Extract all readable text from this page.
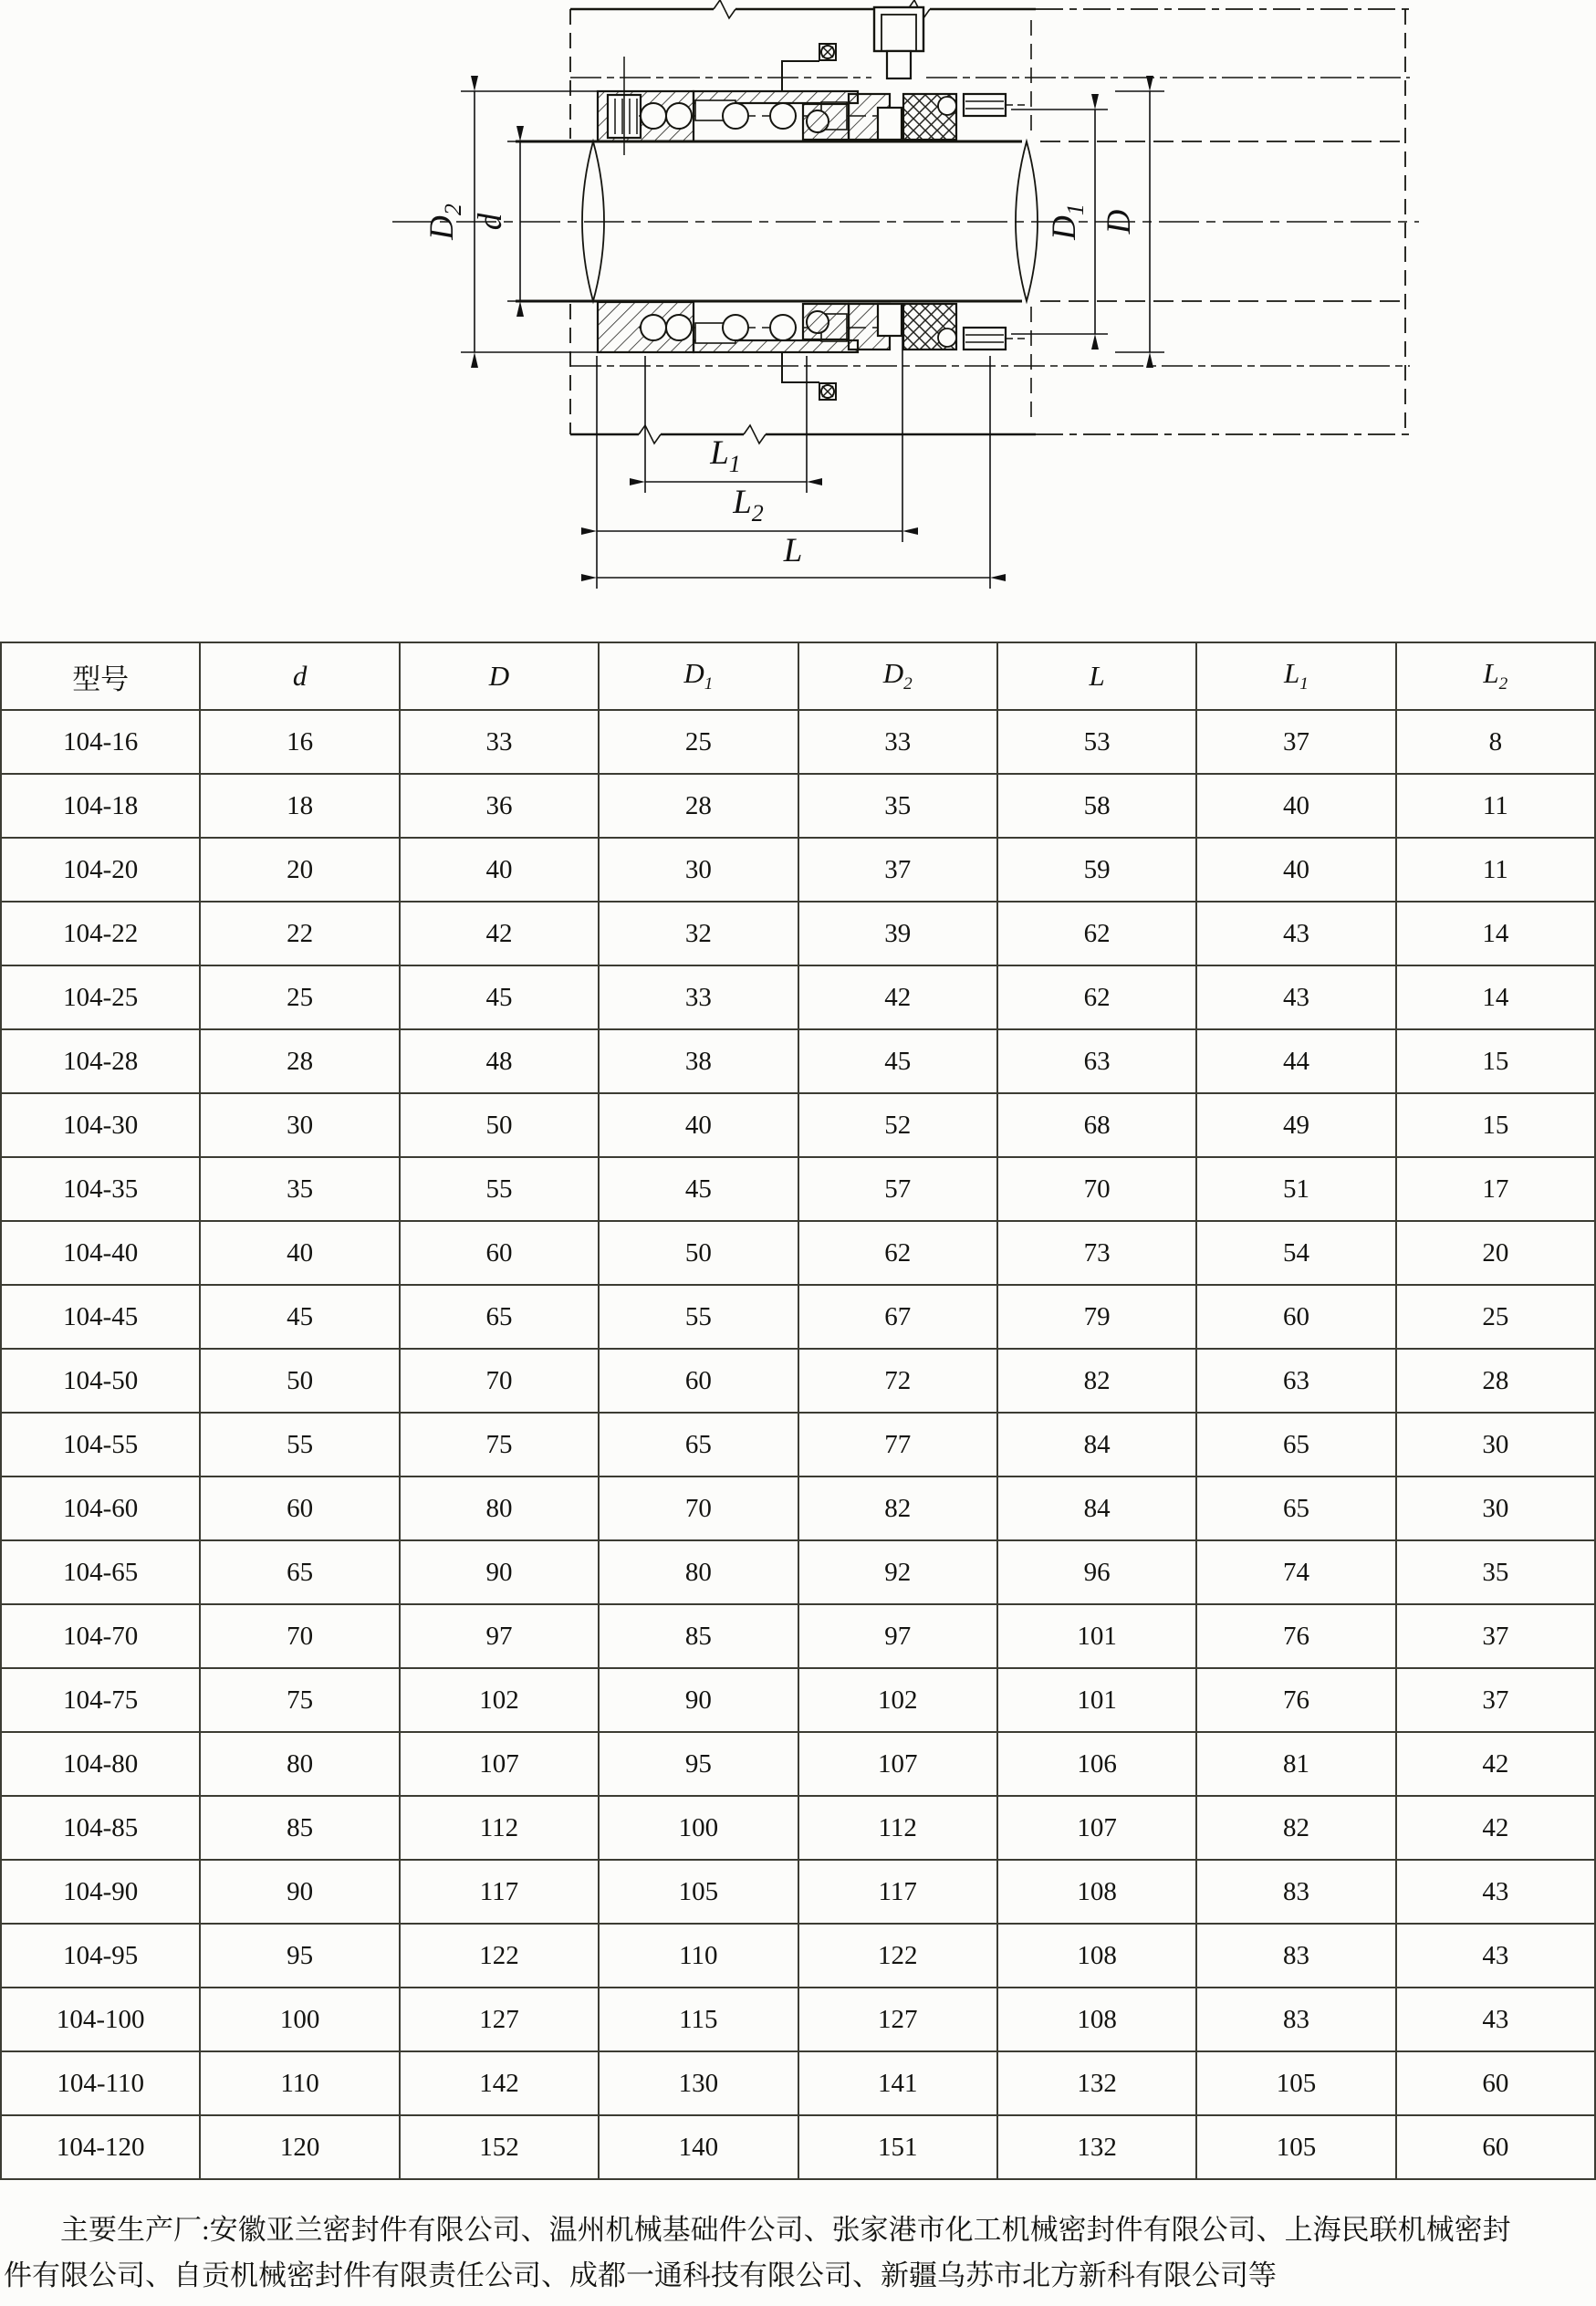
$D_2$
d	$D_1$ D
$L_1$
$L_2$
L
型号	d	D	$D_1$	$D_2$	L	$L_1$	$L_2$
104-16	16	33	25	33	53	37	8
104-18	18	36	28	35	58	40	11
104-20	20	40	30	37	59	40	11
104-22	22	42	32	39	62	43	14
104-25	25	45	33	42	62	43	14
104-28	28	48	38	45	63	44	15
104-30	30	50	40	52	68	49	15
104-35	35	55	45	57	70	51	17
104-40	40	60	50	62	73	54	20
104-45	45	65	55	67	79	60	25
104-50	50	70	60	72	82	63	28
104-55	55	75	65	77	84	65	30
104-60	60	80	70	82	84	65	30
104-65	65	90	80	92	96	74	35
104-70	70	97	85	97	101	76	37
104-75	75	102	90	102	101	76	37
104-80	80	107	95	107	106	81	42
104-85	85	112	100	112	107	82	42
104-90	90	117	105	117	108	83	43
104-95	95	122	110	122	108	83	43
104-100	100	127	115	127	108	83	43
104-110	110	142	130	141	132	105	60
104-120	120	152	140	151	132	105	60
主要生产厂:安徽亚兰密封件有限公司、温州机械基础件公司、张家港市化工机械密封件有限公司、上海民联机械密封
件有限公司、自贡机械密封件有限责任公司、成都一通科技有限公司、新疆乌苏市北方新科有限公司等
